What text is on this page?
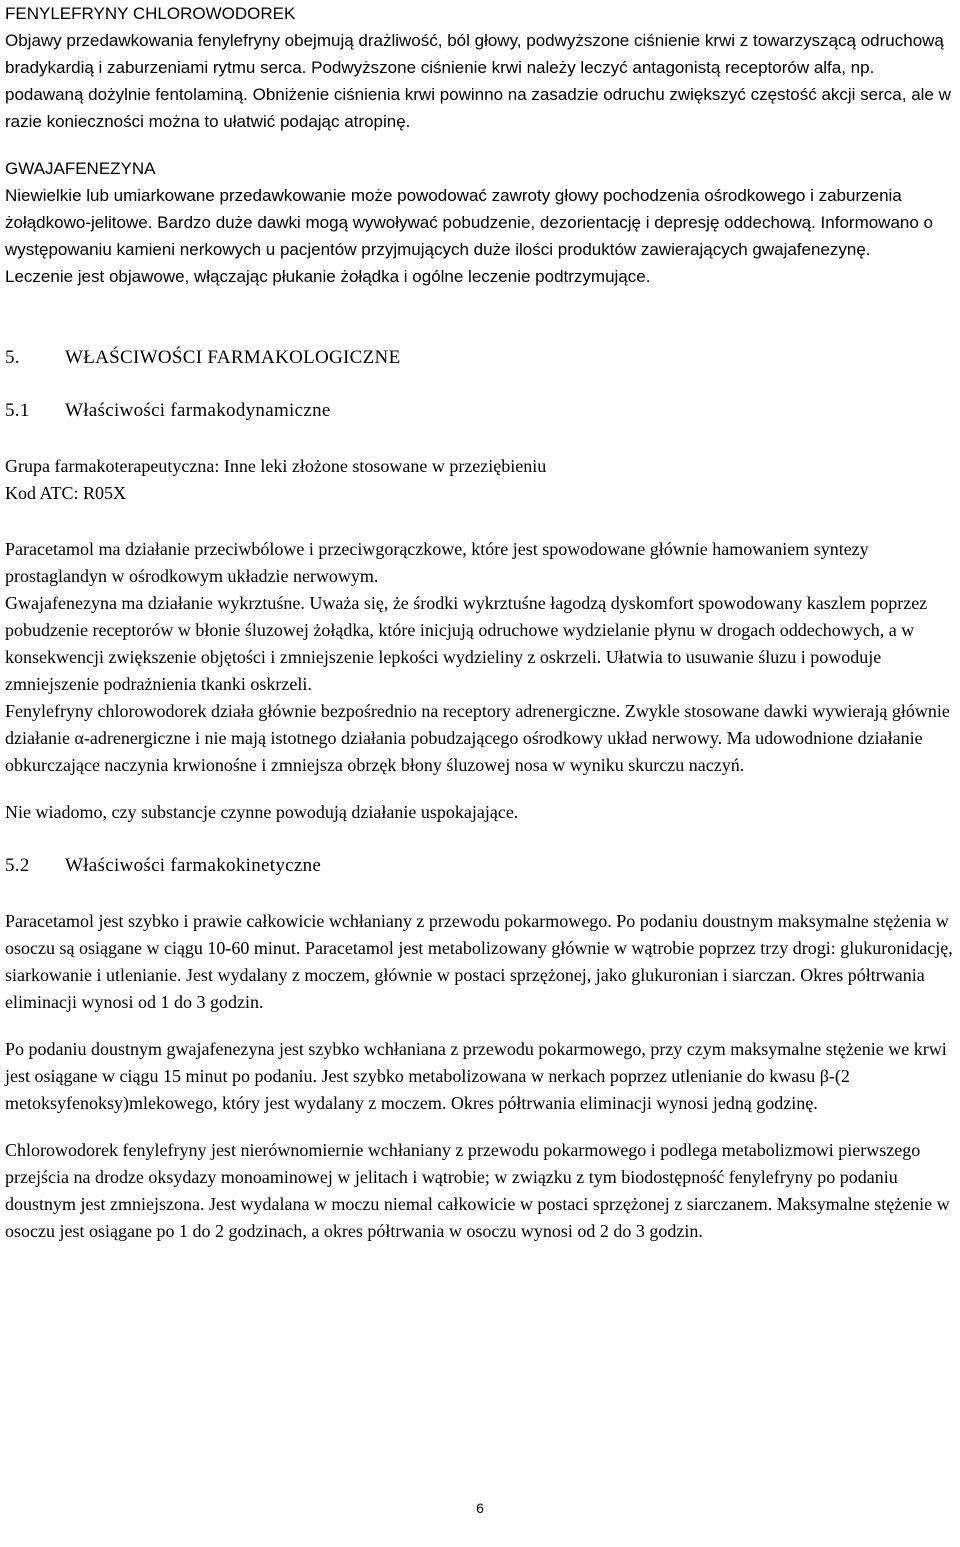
FENYLEFRYNY CHLOROWODOREK

Objawy przedawkowania fenylefryny obejmują drażliwość, ból głowy, podwyższone ciśnienie krwi z towarzyszącą odruchową bradykardią i zaburzeniami rytmu serca. Podwyższone ciśnienie krwi należy leczyć antagonistą receptorów alfa, np. podawaną dożylnie fentolaminą. Obniżenie ciśnienia krwi powinno na zasadzie odruchu zwiększyć częstość akcji serca, ale w razie konieczności można to ułatwić podając atropinę.

GWAJAFENEZYNA

Niewielkie lub umiarkowane przedawkowanie może powodować zawroty głowy pochodzenia ośrodkowego i zaburzenia żołądkowo-jelitowe. Bardzo duże dawki mogą wywoływać pobudzenie, dezorientację i depresję oddechową. Informowano o występowaniu kamieni nerkowych u pacjentów przyjmujących duże ilości produktów zawierających gwajafenezynę.

Leczenie jest objawowe, włączając płukanie żołądka i ogólne leczenie podtrzymujące.

5. WŁAŚCIWOŚCI FARMAKOLOGICZNE
5.1 Właściwości farmakodynamiczne

Grupa farmakoterapeutyczna: Inne leki złożone stosowane w przeziębieniu

Kod ATC: R05X

Paracetamol ma działanie przeciwbólowe i przeciwgorączkowe, które jest spowodowane głównie hamowaniem syntezy prostaglandyn w ośrodkowym układzie nerwowym.

Gwajafenezyna ma działanie wykrztuśne. Uważa się, że środki wykrztuśne łagodzą dyskomfort spowodowany kaszlem poprzez pobudzenie receptorów w błonie śluzowej żołądka, które inicjują odruchowe wydzielanie płynu w drogach oddechowych, a w konsekwencji zwiększenie objętości i zmniejszenie lepkości wydzieliny z oskrzeli. Ułatwia to usuwanie śluzu i powoduje zmniejszenie podrażnienia tkanki oskrzeli.

Fenylefryny chlorowodorek działa głównie bezpośrednio na receptory adrenergiczne. Zwykle stosowane dawki wywierają głównie działanie α-adrenergiczne i nie mają istotnego działania pobudzającego ośrodkowy układ nerwowy. Ma udowodnione działanie obkurczające naczynia krwionośne i zmniejsza obrzęk błony śluzowej nosa w wyniku skurczu naczyń.

Nie wiadomo, czy substancje czynne powodują działanie uspokajające.

5.2 Właściwości farmakokinetyczne

Paracetamol jest szybko i prawie całkowicie wchłaniany z przewodu pokarmowego. Po podaniu doustnym maksymalne stężenia w osoczu są osiągane w ciągu 10-60 minut. Paracetamol jest metabolizowany głównie w wątrobie poprzez trzy drogi: glukuronidację, siarkowanie i utlenianie. Jest wydalany z moczem, głównie w postaci sprzężonej, jako glukuronian i siarczan. Okres półtrwania eliminacji wynosi od 1 do 3 godzin.

Po podaniu doustnym gwajafenezyna jest szybko wchłaniana z przewodu pokarmowego, przy czym maksymalne stężenie we krwi jest osiągane w ciągu 15 minut po podaniu. Jest szybko metabolizowana w nerkach poprzez utlenianie do kwasu β-(2 metoksyfenoksy)mlekowego, który jest wydalany z moczem. Okres półtrwania eliminacji wynosi jedną godzinę.

Chlorowodorek fenylefryny jest nierównomiernie wchłaniany z przewodu pokarmowego i podlega metabolizmowi pierwszego przejścia na drodze oksydazy monoaminowej w jelitach i wątrobie; w związku z tym biodostępność fenylefryny po podaniu doustnym jest zmniejszona. Jest wydalana w moczu niemal całkowicie w postaci sprzężonej z siarczanem. Maksymalne stężenie w osoczu jest osiągane po 1 do 2 godzinach, a okres półtrwania w osoczu wynosi od 2 do 3 godzin.

6
